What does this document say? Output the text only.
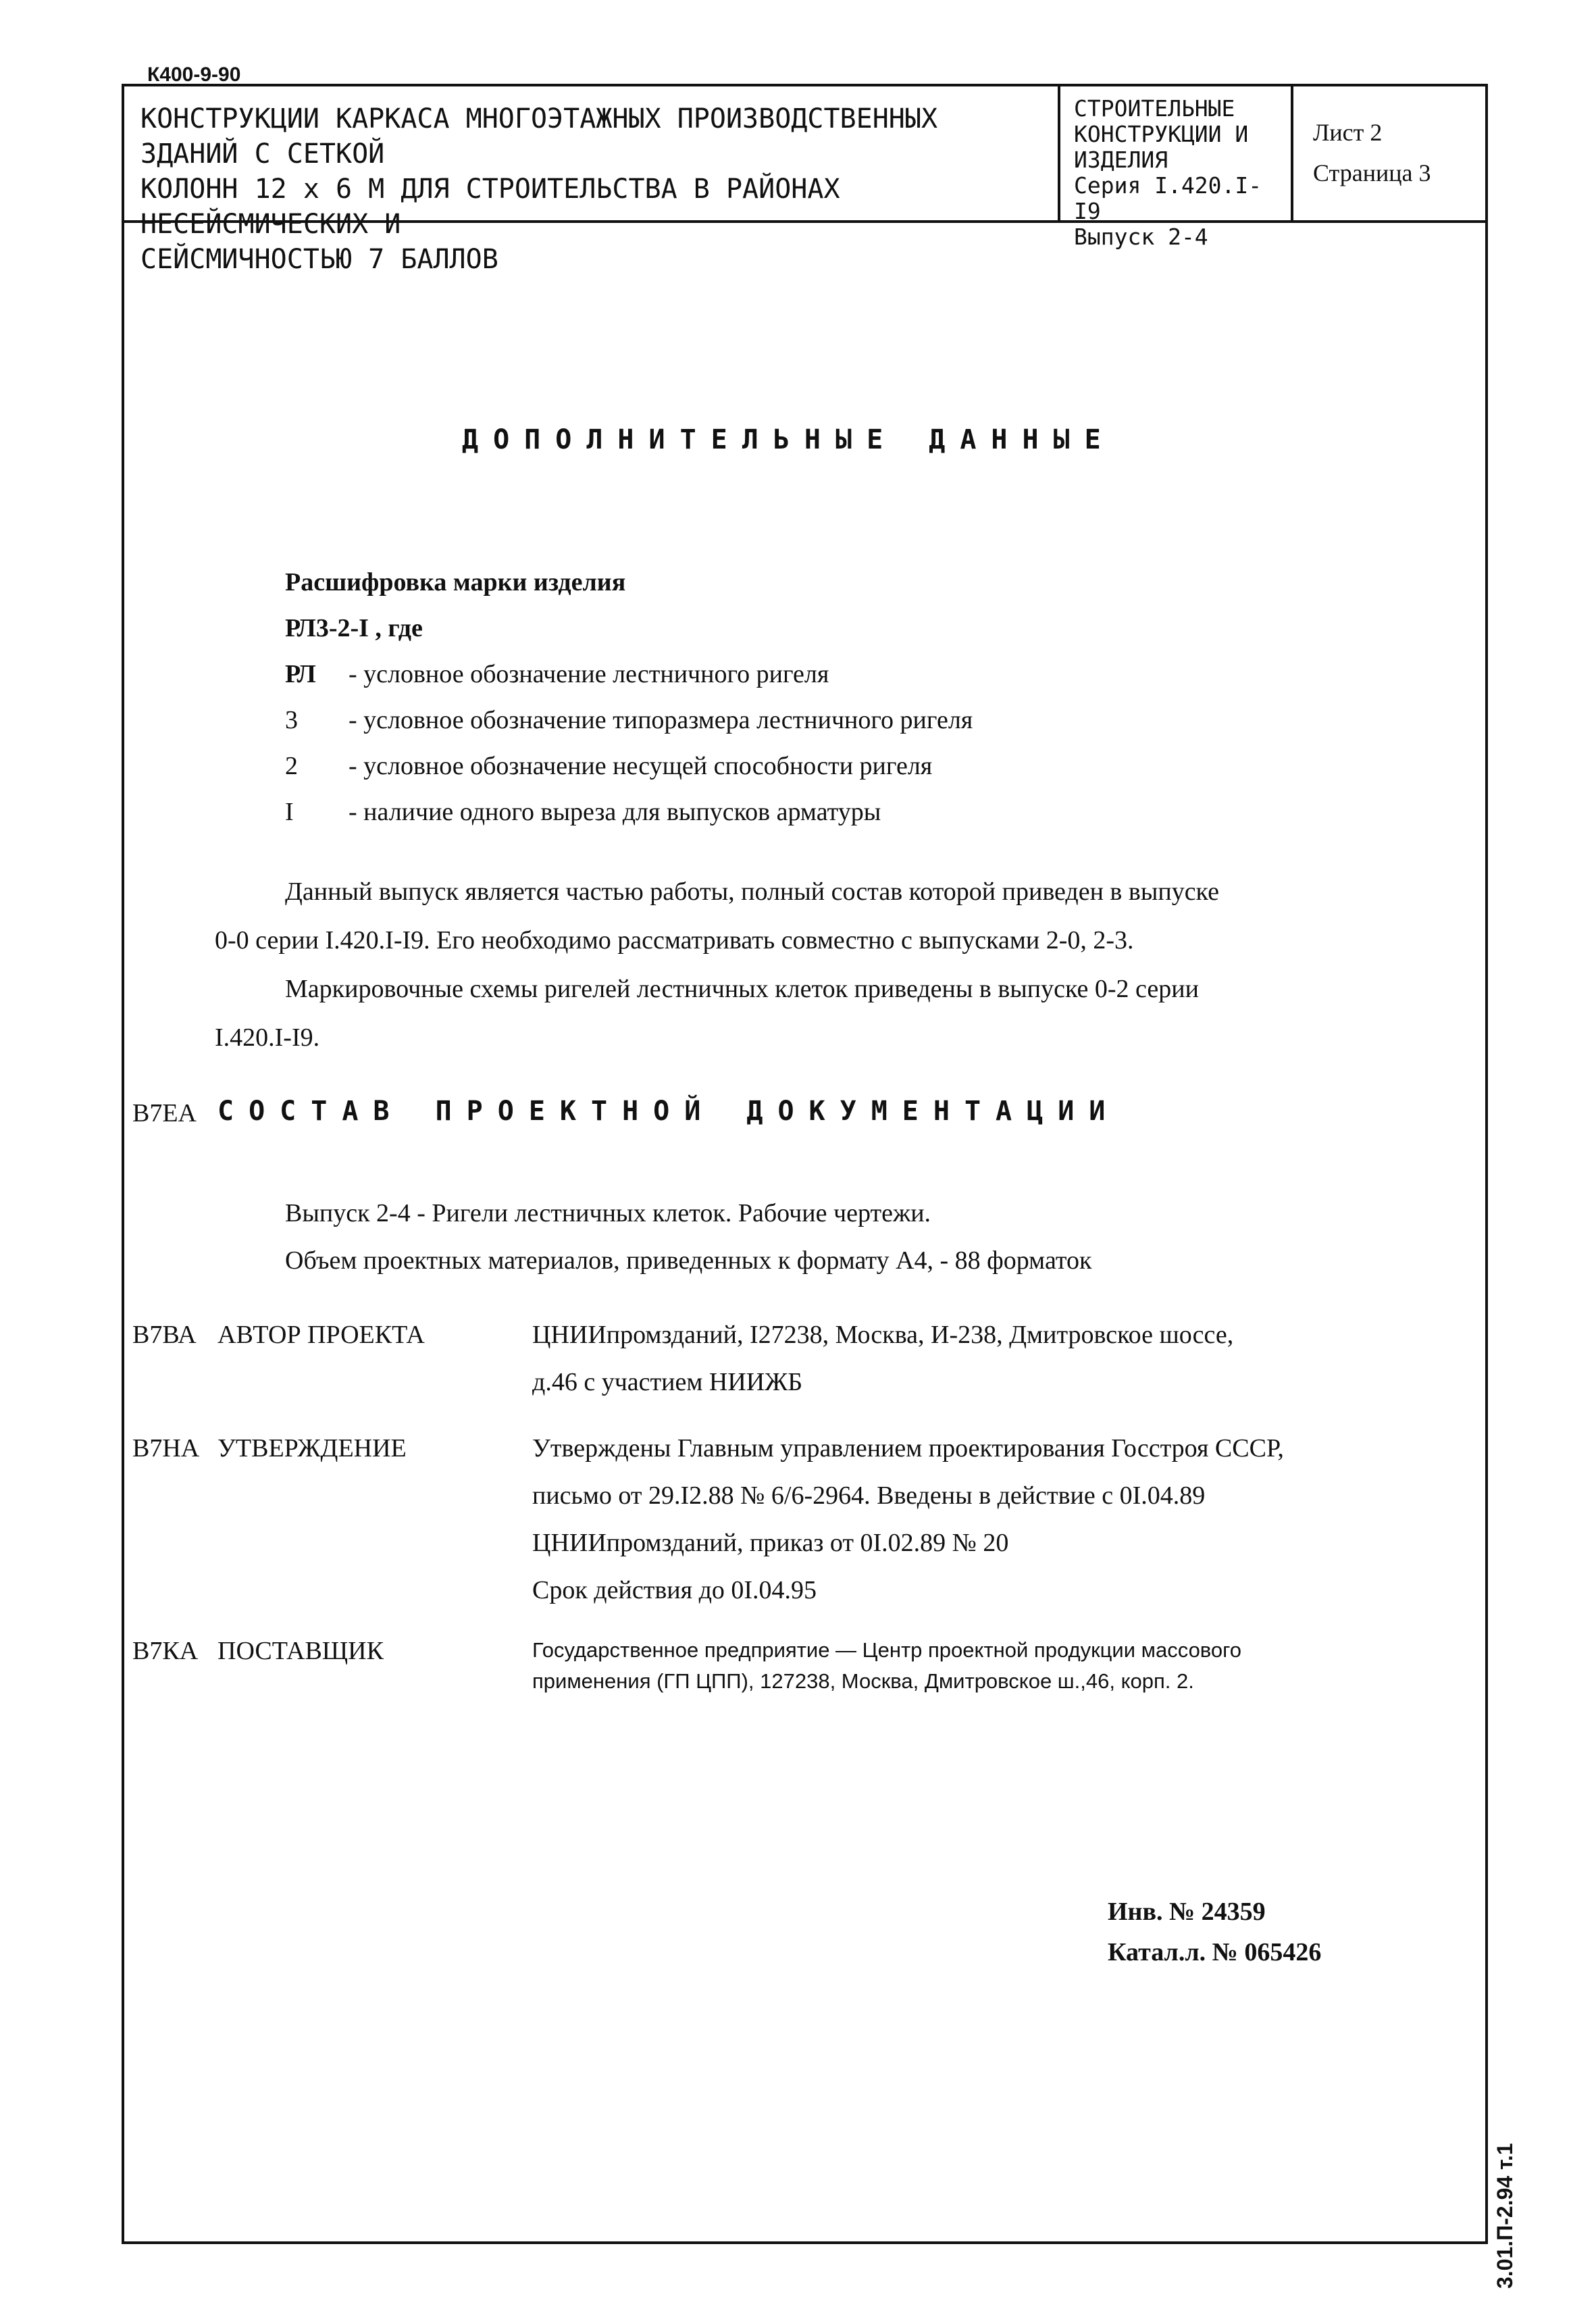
К400-9-90
КОНСТРУКЦИИ КАРКАСА МНОГОЭТАЖНЫХ ПРОИЗВОДСТВЕННЫХ ЗДАНИЙ С СЕТКОЙ
КОЛОНН 12 х 6 М ДЛЯ СТРОИТЕЛЬСТВА В РАЙОНАХ НЕСЕЙСМИЧЕСКИХ И
СЕЙСМИЧНОСТЬЮ 7 БАЛЛОВ
СТРОИТЕЛЬНЫЕ
КОНСТРУКЦИИ И
ИЗДЕЛИЯ
Серия I.420.I-I9
Выпуск 2-4
Лист 2
Страница 3
ДОПОЛНИТЕЛЬНЫЕ ДАННЫЕ
Расшифровка марки изделия
РЛ3-2-I , где
РЛ - условное обозначение лестничного ригеля
3 - условное обозначение типоразмера лестничного ригеля
2 - условное обозначение несущей способности ригеля
I - наличие одного выреза для выпусков арматуры
Данный выпуск является частью работы, полный состав которой приведен в выпуске
0-0 серии I.420.I-I9. Его необходимо рассматривать совместно с выпусками 2-0, 2-3.
Маркировочные схемы ригелей лестничных клеток приведены в выпуске 0-2 серии
I.420.I-I9.
В7ЕА СОСТАВ ПРОЕКТНОЙ ДОКУМЕНТАЦИИ
Выпуск 2-4 - Ригели лестничных клеток. Рабочие чертежи.
Объем проектных материалов, приведенных к формату А4, - 88 форматок
В7ВА АВТОР ПРОЕКТА	ЦНИИпромзданий, I27238, Москва, И-238, Дмитровское шоссе,
д.46 с участием НИИЖБ
В7НА УТВЕРЖДЕНИЕ	Утверждены Главным управлением проектирования Госстроя СССР,
письмо от 29.I2.88 № 6/6-2964. Введены в действие с 0I.04.89
ЦНИИпромзданий, приказ от 0I.02.89 № 20
Срок действия до 0I.04.95
В7КА ПОСТАВЩИК	Государственное предприятие — Центр проектной продукции массового
применения (ГП ЦПП), 127238, Москва, Дмитровское ш.,46, корп. 2.
Инв. № 24359
Катал.л. № 065426
3.01.П-2.94 т.1
